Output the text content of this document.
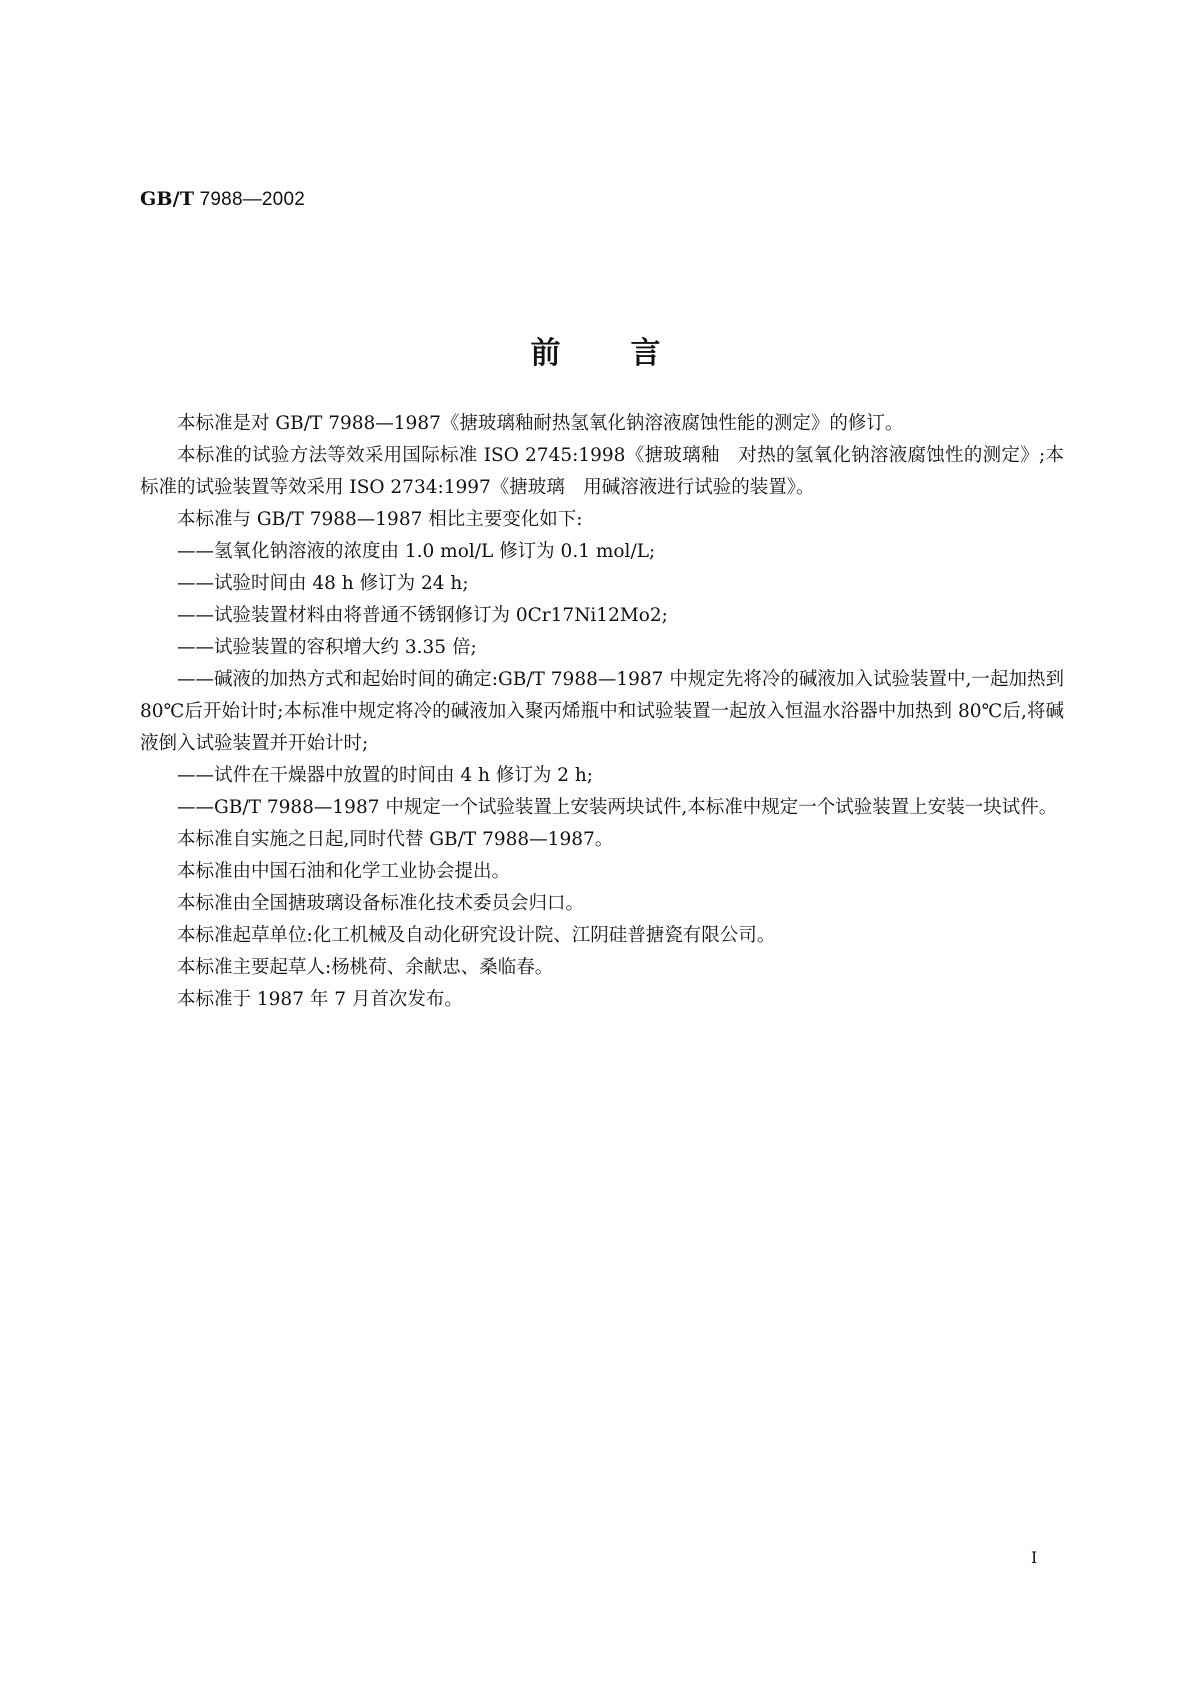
GB/T 7988—2002
前言

本标准是对 GB/T 7988—1987《搪玻璃釉耐热氢氧化钠溶液腐蚀性能的测定》的修订。

本标准的试验方法等效采用国际标准 ISO 2745:1998《搪玻璃釉　对热的氢氧化钠溶液腐蚀性的测定》;本标准的试验装置等效采用 ISO 2734:1997《搪玻璃　用碱溶液进行试验的装置》。

本标准与 GB/T 7988—1987 相比主要变化如下:

——氢氧化钠溶液的浓度由 1.0 mol/L 修订为 0.1 mol/L;

——试验时间由 48 h 修订为 24 h;

——试验装置材料由将普通不锈钢修订为 0Cr17Ni12Mo2;

——试验装置的容积增大约 3.35 倍;

——碱液的加热方式和起始时间的确定:GB/T 7988—1987 中规定先将冷的碱液加入试验装置中,一起加热到 80℃后开始计时;本标准中规定将冷的碱液加入聚丙烯瓶中和试验装置一起放入恒温水浴器中加热到 80℃后,将碱液倒入试验装置并开始计时;

——试件在干燥器中放置的时间由 4 h 修订为 2 h;

——GB/T 7988—1987 中规定一个试验装置上安装两块试件,本标准中规定一个试验装置上安装一块试件。

本标准自实施之日起,同时代替 GB/T 7988—1987。

本标准由中国石油和化学工业协会提出。

本标准由全国搪玻璃设备标准化技术委员会归口。

本标准起草单位:化工机械及自动化研究设计院、江阴硅普搪瓷有限公司。

本标准主要起草人:杨桃荷、余献忠、桑临春。

本标准于 1987 年 7 月首次发布。

I
